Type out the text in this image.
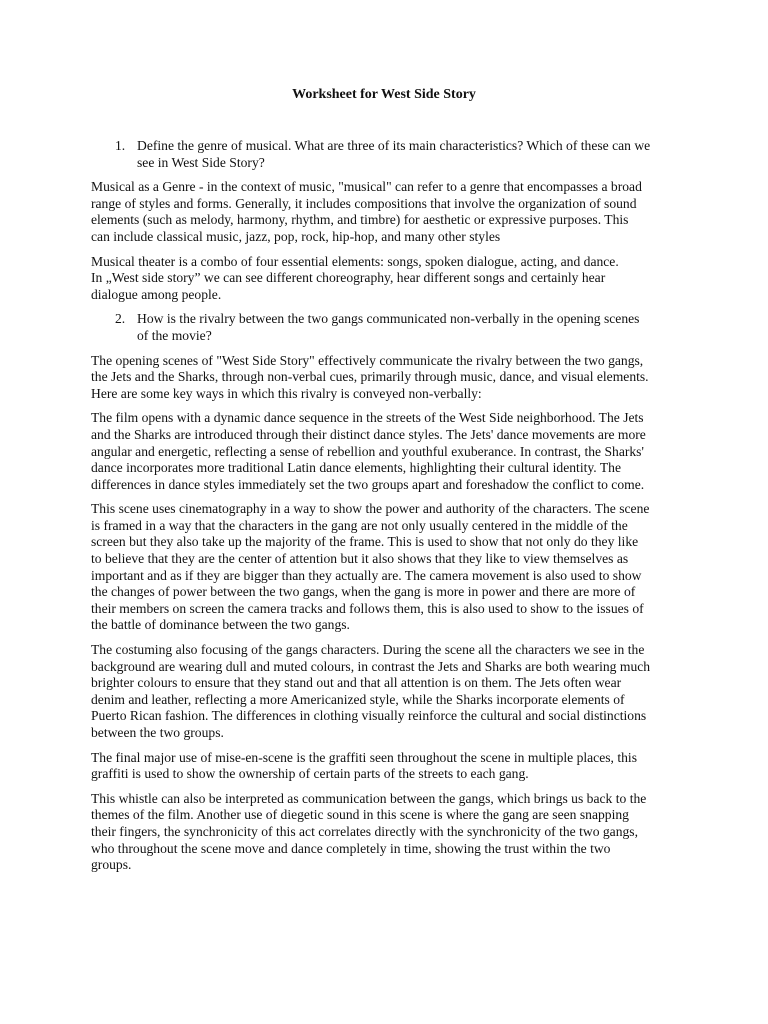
Worksheet for West Side Story
1. Define the genre of musical. What are three of its main characteristics? Which of these can we
see in West Side Story?

Musical as a Genre - in the context of music, "musical" can refer to a genre that encompasses a broad
range of styles and forms. Generally, it includes compositions that involve the organization of sound
elements (such as melody, harmony, rhythm, and timbre) for aesthetic or expressive purposes. This
can include classical music, jazz, pop, rock, hip-hop, and many other styles

Musical theater is a combo of four essential elements: songs, spoken dialogue, acting, and dance.
In „West side story” we can see different choreography, hear different songs and certainly hear
dialogue among people.

2. How is the rivalry between the two gangs communicated non-verbally in the opening scenes
of the movie?

The opening scenes of "West Side Story" effectively communicate the rivalry between the two gangs,
the Jets and the Sharks, through non-verbal cues, primarily through music, dance, and visual elements.
Here are some key ways in which this rivalry is conveyed non-verbally:

The film opens with a dynamic dance sequence in the streets of the West Side neighborhood. The Jets
and the Sharks are introduced through their distinct dance styles. The Jets' dance movements are more
angular and energetic, reflecting a sense of rebellion and youthful exuberance. In contrast, the Sharks'
dance incorporates more traditional Latin dance elements, highlighting their cultural identity. The
differences in dance styles immediately set the two groups apart and foreshadow the conflict to come.

This scene uses cinematography in a way to show the power and authority of the characters. The scene
is framed in a way that the characters in the gang are not only usually centered in the middle of the
screen but they also take up the majority of the frame. This is used to show that not only do they like
to believe that they are the center of attention but it also shows that they like to view themselves as
important and as if they are bigger than they actually are. The camera movement is also used to show
the changes of power between the two gangs, when the gang is more in power and there are more of
their members on screen the camera tracks and follows them, this is also used to show to the issues of
the battle of dominance between the two gangs.

The costuming also focusing of the gangs characters. During the scene all the characters we see in the
background are wearing dull and muted colours, in contrast the Jets and Sharks are both wearing much
brighter colours to ensure that they stand out and that all attention is on them. The Jets often wear
denim and leather, reflecting a more Americanized style, while the Sharks incorporate elements of
Puerto Rican fashion. The differences in clothing visually reinforce the cultural and social distinctions
between the two groups.

The final major use of mise-en-scene is the graffiti seen throughout the scene in multiple places, this
graffiti is used to show the ownership of certain parts of the streets to each gang.

This whistle can also be interpreted as communication between the gangs, which brings us back to the
themes of the film. Another use of diegetic sound in this scene is where the gang are seen snapping
their fingers, the synchronicity of this act correlates directly with the synchronicity of the two gangs,
who throughout the scene move and dance completely in time, showing the trust within the two
groups.
